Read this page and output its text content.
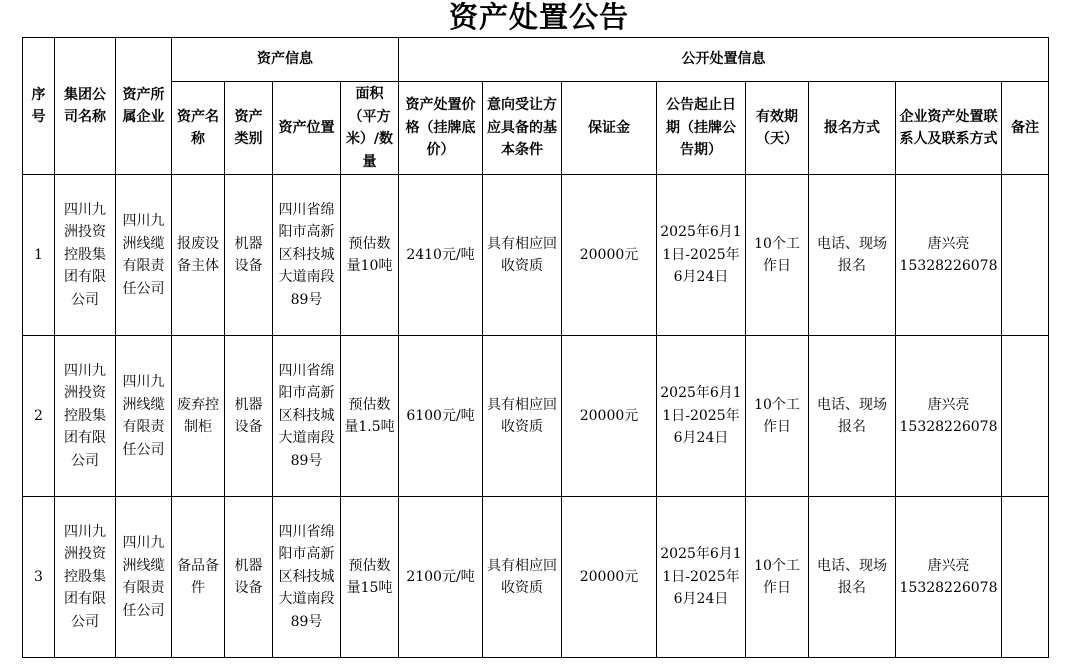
资产处置公告
序号	集团公司名称	资产所属企业	资产信息				公开处置信息							
			资产名称	资产类别	资产位置	面积（平方米）/数量	资产处置价格（挂牌底价）	意向受让方应具备的基本条件	保证金	公告起止日期（挂牌公告期）	有效期（天）	报名方式	企业资产处置联系人及联系方式	备注
1	四川九洲投资控股集团有限公司	四川九洲线缆有限责任公司	报废设备主体	机器设备	四川省绵阳市高新区科技城大道南段89号	预估数量10吨	2410元/吨	具有相应回收资质	20000元	2025年6月11日-2025年6月24日	10个工作日	电话、现场报名	唐兴亮
15328226078	

2	四川九洲投资控股集团有限公司	四川九洲线缆有限责任公司	废弃控制柜	机器设备	四川省绵阳市高新区科技城大道南段89号	预估数量1.5吨	6100元/吨	具有相应回收资质	20000元	2025年6月11日-2025年6月24日	10个工作日	电话、现场报名	唐兴亮
15328226078	

3	四川九洲投资控股集团有限公司	四川九洲线缆有限责任公司	备品备件	机器设备	四川省绵阳市高新区科技城大道南段89号	预估数量15吨	2100元/吨	具有相应回收资质	20000元	2025年6月11日-2025年6月24日	10个工作日	电话、现场报名	唐兴亮
15328226078	
